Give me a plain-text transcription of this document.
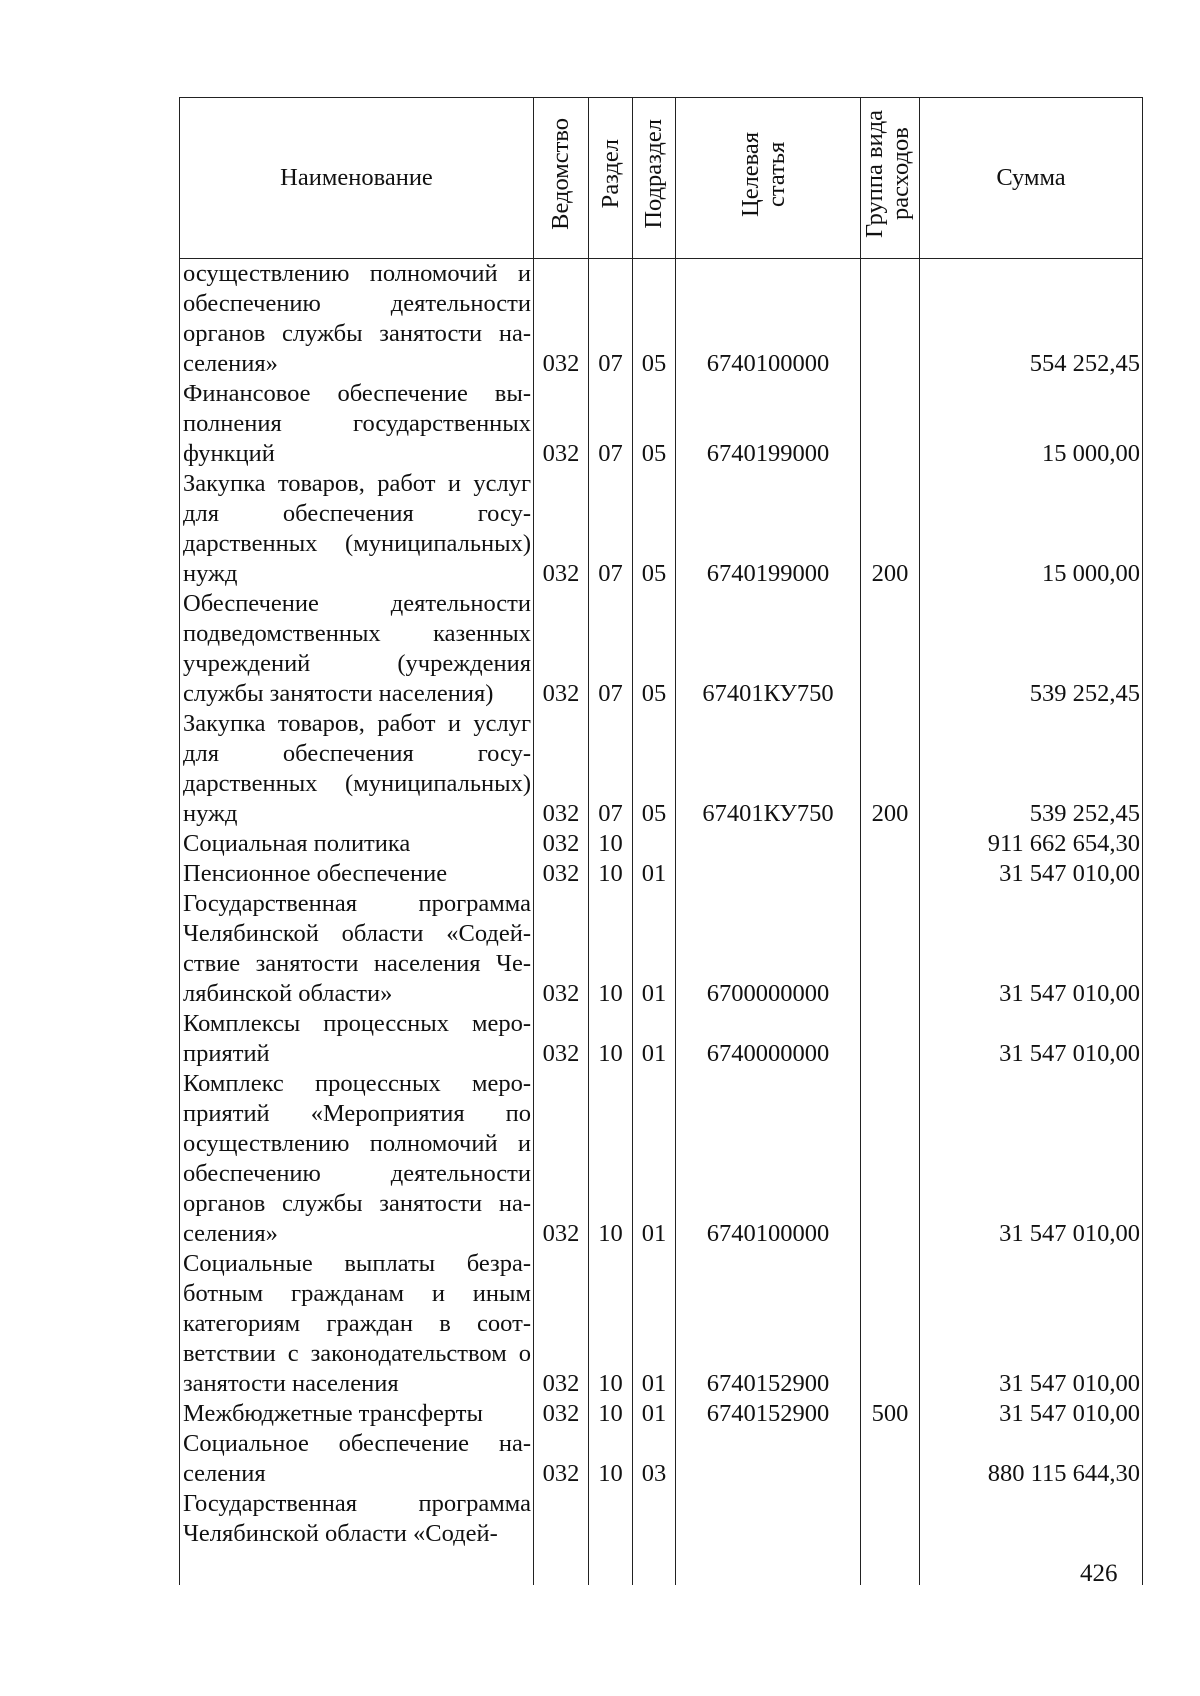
Наименование	Ведомство	Раздел	Подраздел	Целевая статья	Группа вида расходов	Сумма
осуществлению полномочий и обеспечению деятельности органов службы занятости населения»	032	07	05	6740100000		554 252,45
Финансовое обеспечение выполнения государственных функций	032	07	05	6740199000		15 000,00
Закупка товаров, работ и услуг для обеспечения государственных (муниципальных) нужд	032	07	05	6740199000	200	15 000,00
Обеспечение деятельности подведомственных казенных учреждений (учреждения службы занятости населения)	032	07	05	67401КУ750		539 252,45
Закупка товаров, работ и услуг для обеспечения государственных (муниципальных) нужд	032	07	05	67401КУ750	200	539 252,45
Социальная политика	032	10				911 662 654,30
Пенсионное обеспечение	032	10	01			31 547 010,00
Государственная программа Челябинской области «Содействие занятости населения Челябинской области»	032	10	01	6700000000		31 547 010,00
Комплексы процессных мероприятий	032	10	01	6740000000		31 547 010,00
Комплекс процессных мероприятий «Мероприятия по осуществлению полномочий и обеспечению деятельности органов службы занятости населения»	032	10	01	6740100000		31 547 010,00
Социальные выплаты безработным гражданам и иным категориям граждан в соответствии с законодательством о занятости населения	032	10	01	6740152900		31 547 010,00
Межбюджетные трансферты	032	10	01	6740152900	500	31 547 010,00
Социальное обеспечение населения	032	10	03			880 115 644,30
Государственная программа Челябинской области «Содей-						

426
